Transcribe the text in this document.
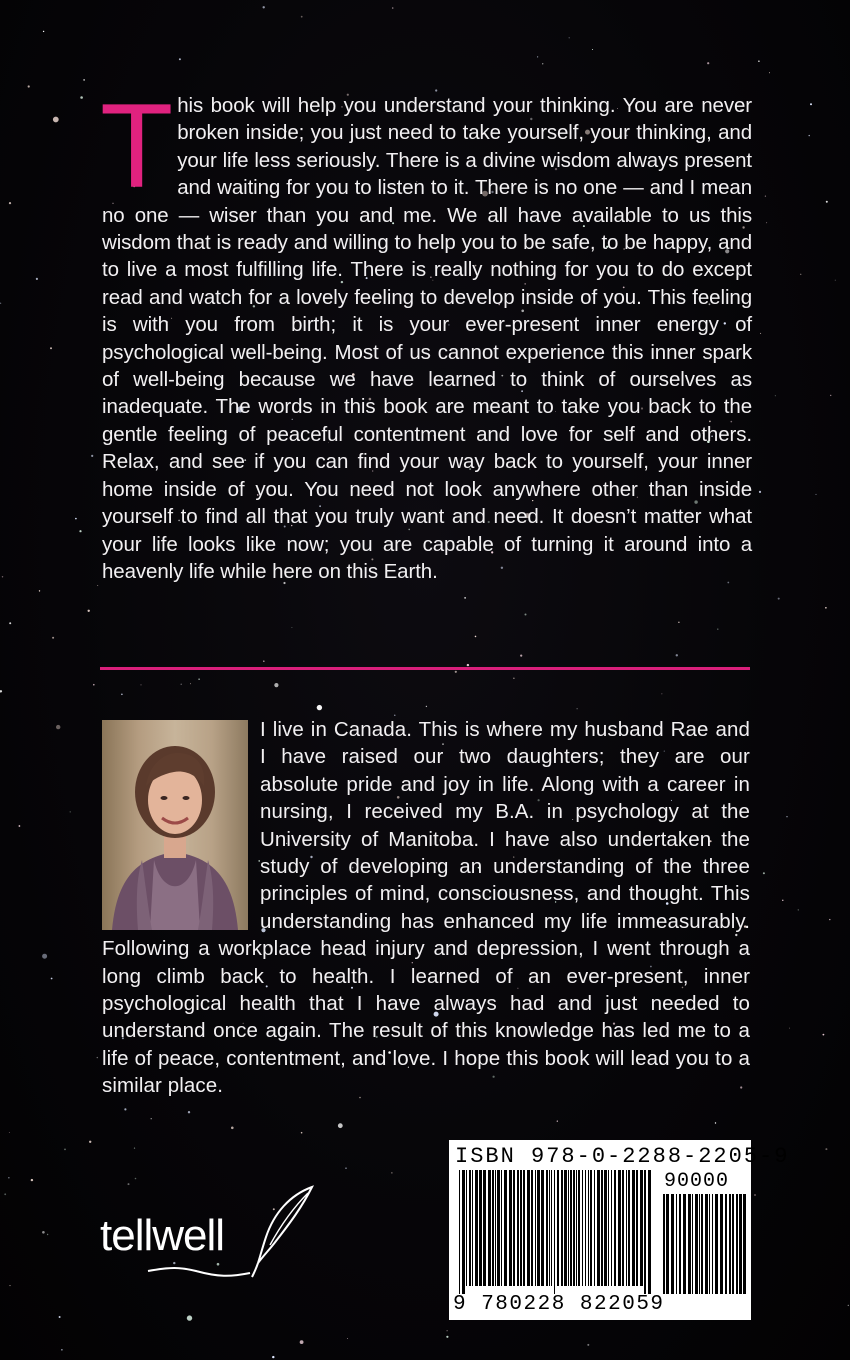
This book will help you understand your thinking. You are never broken inside; you just need to take yourself, your thinking, and your life less seriously. There is a divine wisdom always present and waiting for you to listen to it. There is no one — and I mean no one — wiser than you and me. We all have available to us this wisdom that is ready and willing to help you to be safe, to be happy, and to live a most fulfilling life. There is really nothing for you to do except read and watch for a lovely feeling to develop inside of you. This feeling is with you from birth; it is your ever-present inner energy of psychological well-being. Most of us cannot experience this inner spark of well-being because we have learned to think of ourselves as inadequate. The words in this book are meant to take you back to the gentle feeling of peaceful contentment and love for self and others. Relax, and see if you can find your way back to yourself, your inner home inside of you. You need not look anywhere other than inside yourself to find all that you truly want and need. It doesn’t matter what your life looks like now; you are capable of turning it around into a heavenly life while here on this Earth.

I live in Canada. This is where my husband Rae and I have raised our two daughters; they are our absolute pride and joy in life. Along with a career in nursing, I received my B.A. in psychology at the University of Manitoba. I have also undertaken the study of developing an understanding of the three principles of mind, consciousness, and thought. This understanding has enhanced my life immeasurably. Following a workplace head injury and depression, I went through a long climb back to health. I learned of an ever-present, inner psychological health that I have always had and just needed to understand once again. The result of this knowledge has led me to a life of peace, contentment, and love. I hope this book will lead you to a similar place.
tellwell
ISBN 978-0-2288-2205-9
90000
9 780228 822059
